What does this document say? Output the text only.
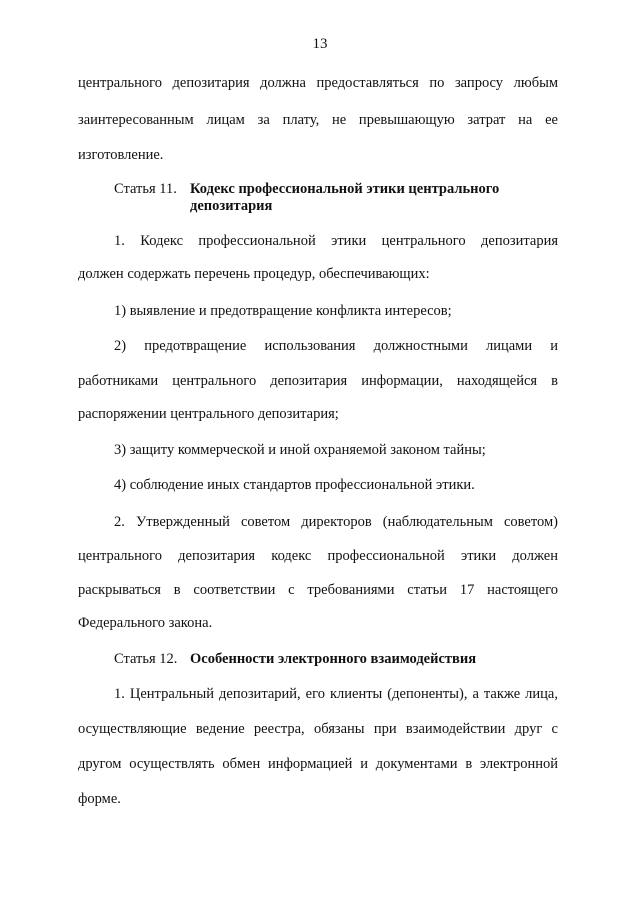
13
центрального депозитария должна предоставляться по запросу любым
заинтересованным лицам за плату, не превышающую затрат на ее
изготовление.
Статья 11. Кодекс профессиональной этики центрального
депозитария
1. Кодекс профессиональной этики центрального депозитария
должен содержать перечень процедур, обеспечивающих:
1) выявление и предотвращение конфликта интересов;
2) предотвращение использования должностными лицами и
работниками центрального депозитария информации, находящейся в
распоряжении центрального депозитария;
3) защиту коммерческой и иной охраняемой законом тайны;
4) соблюдение иных стандартов профессиональной этики.
2. Утвержденный советом директоров (наблюдательным советом)
центрального депозитария кодекс профессиональной этики должен
раскрываться в соответствии с требованиями статьи 17 настоящего
Федерального закона.
Статья 12. Особенности электронного взаимодействия
1. Центральный депозитарий, его клиенты (депоненты), а также лица,
осуществляющие ведение реестра, обязаны при взаимодействии друг с
другом осуществлять обмен информацией и документами в электронной
форме.
